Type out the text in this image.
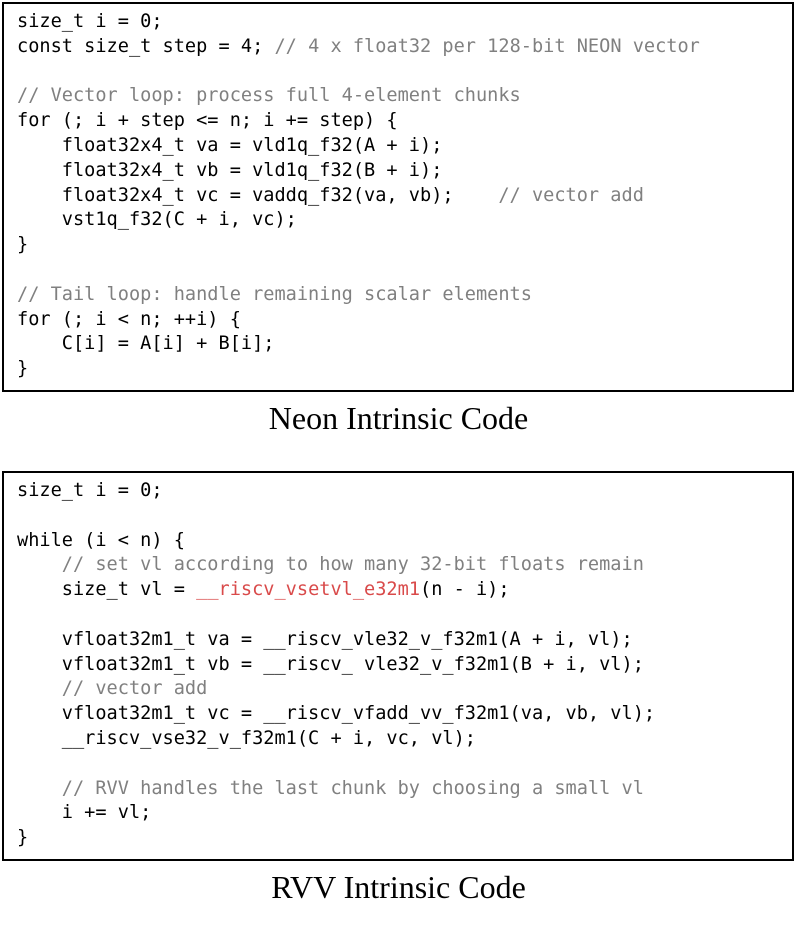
size_t i = 0;
const size_t step = 4; // 4 x float32 per 128-bit NEON vector
// Vector loop: process full 4-element chunks
for (; i + step <= n; i += step) {
float32x4_t va = vld1q_f32(A + i);
float32x4_t vb = vld1q_f32(B + i);
float32x4_t vc = vaddq_f32(va, vb);    // vector add
vst1q_f32(C + i, vc);
}
// Tail loop: handle remaining scalar elements
for (; i < n; ++i) {
C[i] = A[i] + B[i];
}
Neon Intrinsic Code
size_t i = 0;
while (i < n) {
// set vl according to how many 32-bit floats remain
size_t vl = __riscv_vsetvl_e32m1(n - i);
vfloat32m1_t va = __riscv_vle32_v_f32m1(A + i, vl);
vfloat32m1_t vb = __riscv_ vle32_v_f32m1(B + i, vl);
// vector add
vfloat32m1_t vc = __riscv_vfadd_vv_f32m1(va, vb, vl);
__riscv_vse32_v_f32m1(C + i, vc, vl);
// RVV handles the last chunk by choosing a small vl
i += vl;
}
RVV Intrinsic Code
